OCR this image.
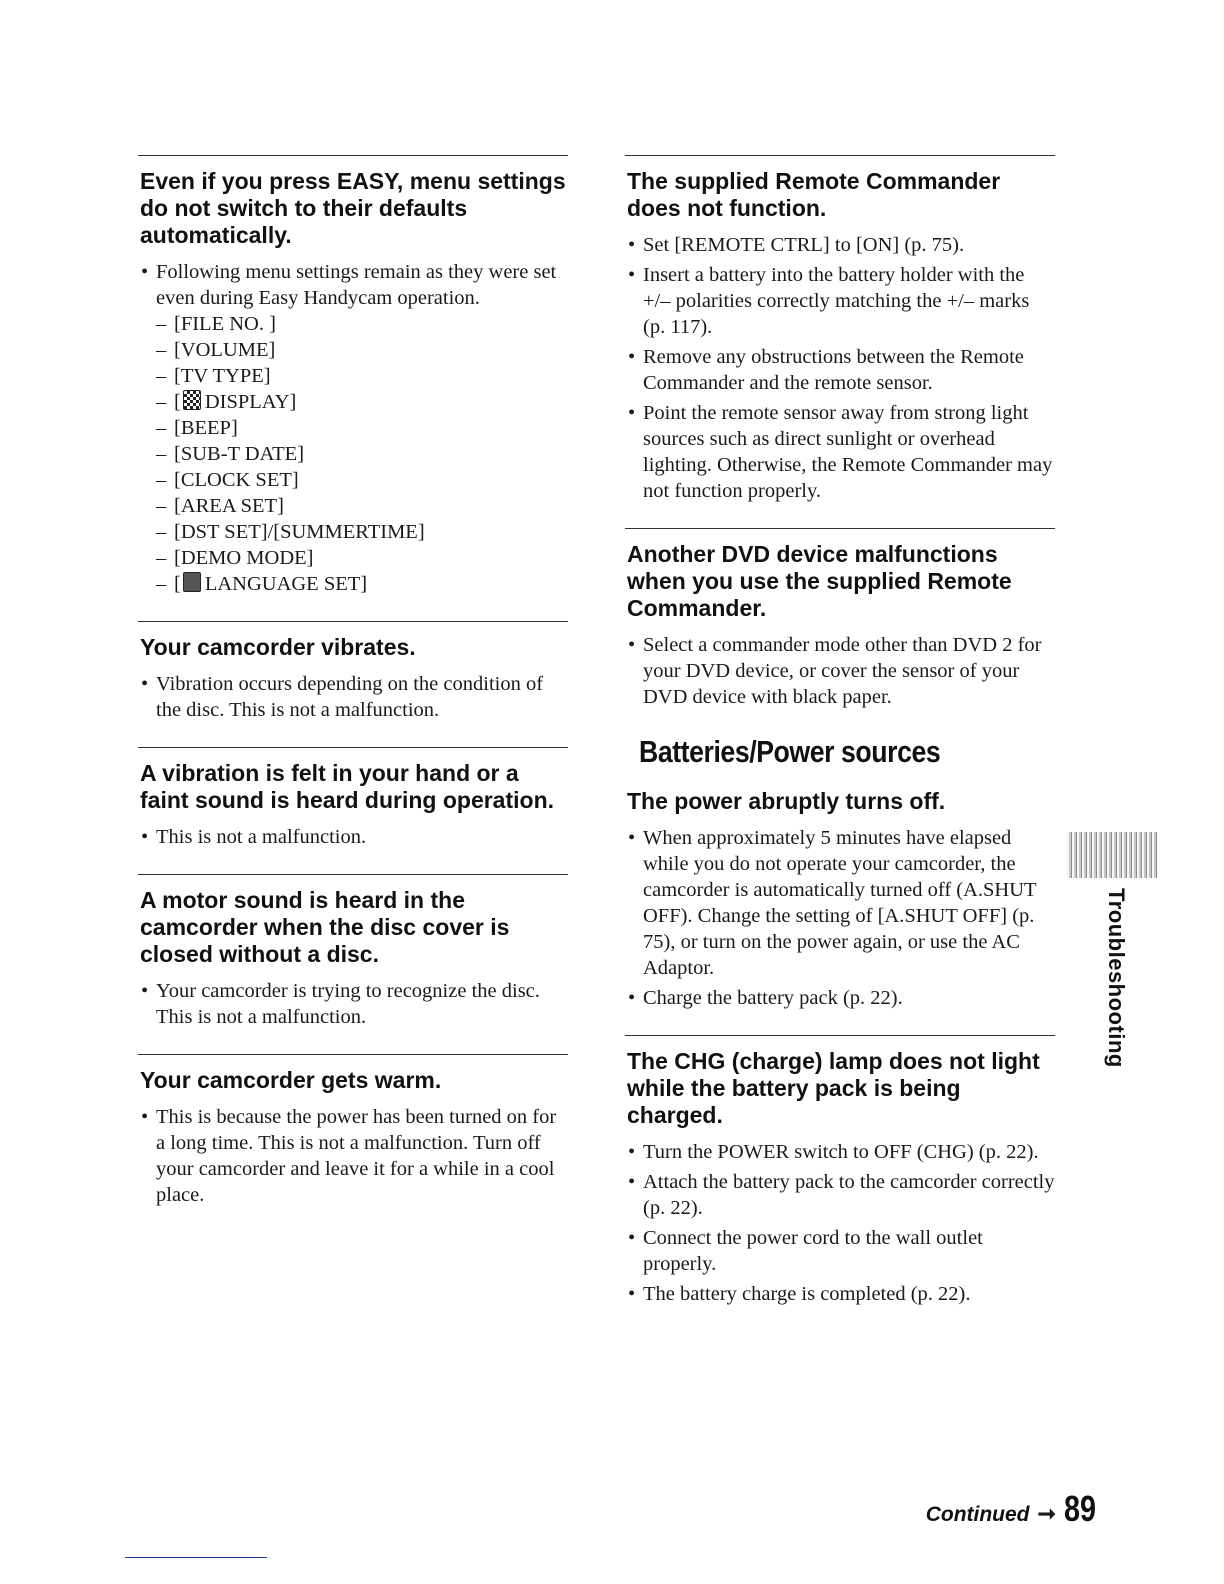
Even if you press EASY, menu settings do not switch to their defaults automatically.
• Following menu settings remain as they were set even during Easy Handycam operation.
– [FILE NO. ]
– [VOLUME]
– [TV TYPE]
– [ DISPLAY]
– [BEEP]
– [SUB-T DATE]
– [CLOCK SET]
– [AREA SET]
– [DST SET]/[SUMMERTIME]
– [DEMO MODE]
– [ LANGUAGE SET]
Your camcorder vibrates.
• Vibration occurs depending on the condition of the disc. This is not a malfunction.
A vibration is felt in your hand or a faint sound is heard during operation.
• This is not a malfunction.
A motor sound is heard in the camcorder when the disc cover is closed without a disc.
• Your camcorder is trying to recognize the disc. This is not a malfunction.
Your camcorder gets warm.
• This is because the power has been turned on for a long time. This is not a malfunction. Turn off your camcorder and leave it for a while in a cool place.
The supplied Remote Commander does not function.
• Set [REMOTE CTRL] to [ON] (p. 75).
• Insert a battery into the battery holder with the +/– polarities correctly matching the +/– marks (p. 117).
• Remove any obstructions between the Remote Commander and the remote sensor.
• Point the remote sensor away from strong light sources such as direct sunlight or overhead lighting. Otherwise, the Remote Commander may not function properly.
Another DVD device malfunctions when you use the supplied Remote Commander.
• Select a commander mode other than DVD 2 for your DVD device, or cover the sensor of your DVD device with black paper.
Batteries/Power sources
The power abruptly turns off.
• When approximately 5 minutes have elapsed while you do not operate your camcorder, the camcorder is automatically turned off (A.SHUT OFF). Change the setting of [A.SHUT OFF] (p. 75), or turn on the power again, or use the AC Adaptor.
• Charge the battery pack (p. 22).
The CHG (charge) lamp does not light while the battery pack is being charged.
• Turn the POWER switch to OFF (CHG) (p. 22).
• Attach the battery pack to the camcorder correctly (p. 22).
• Connect the power cord to the wall outlet properly.
• The battery charge is completed (p. 22).
Troubleshooting
Continued ➞ 89
